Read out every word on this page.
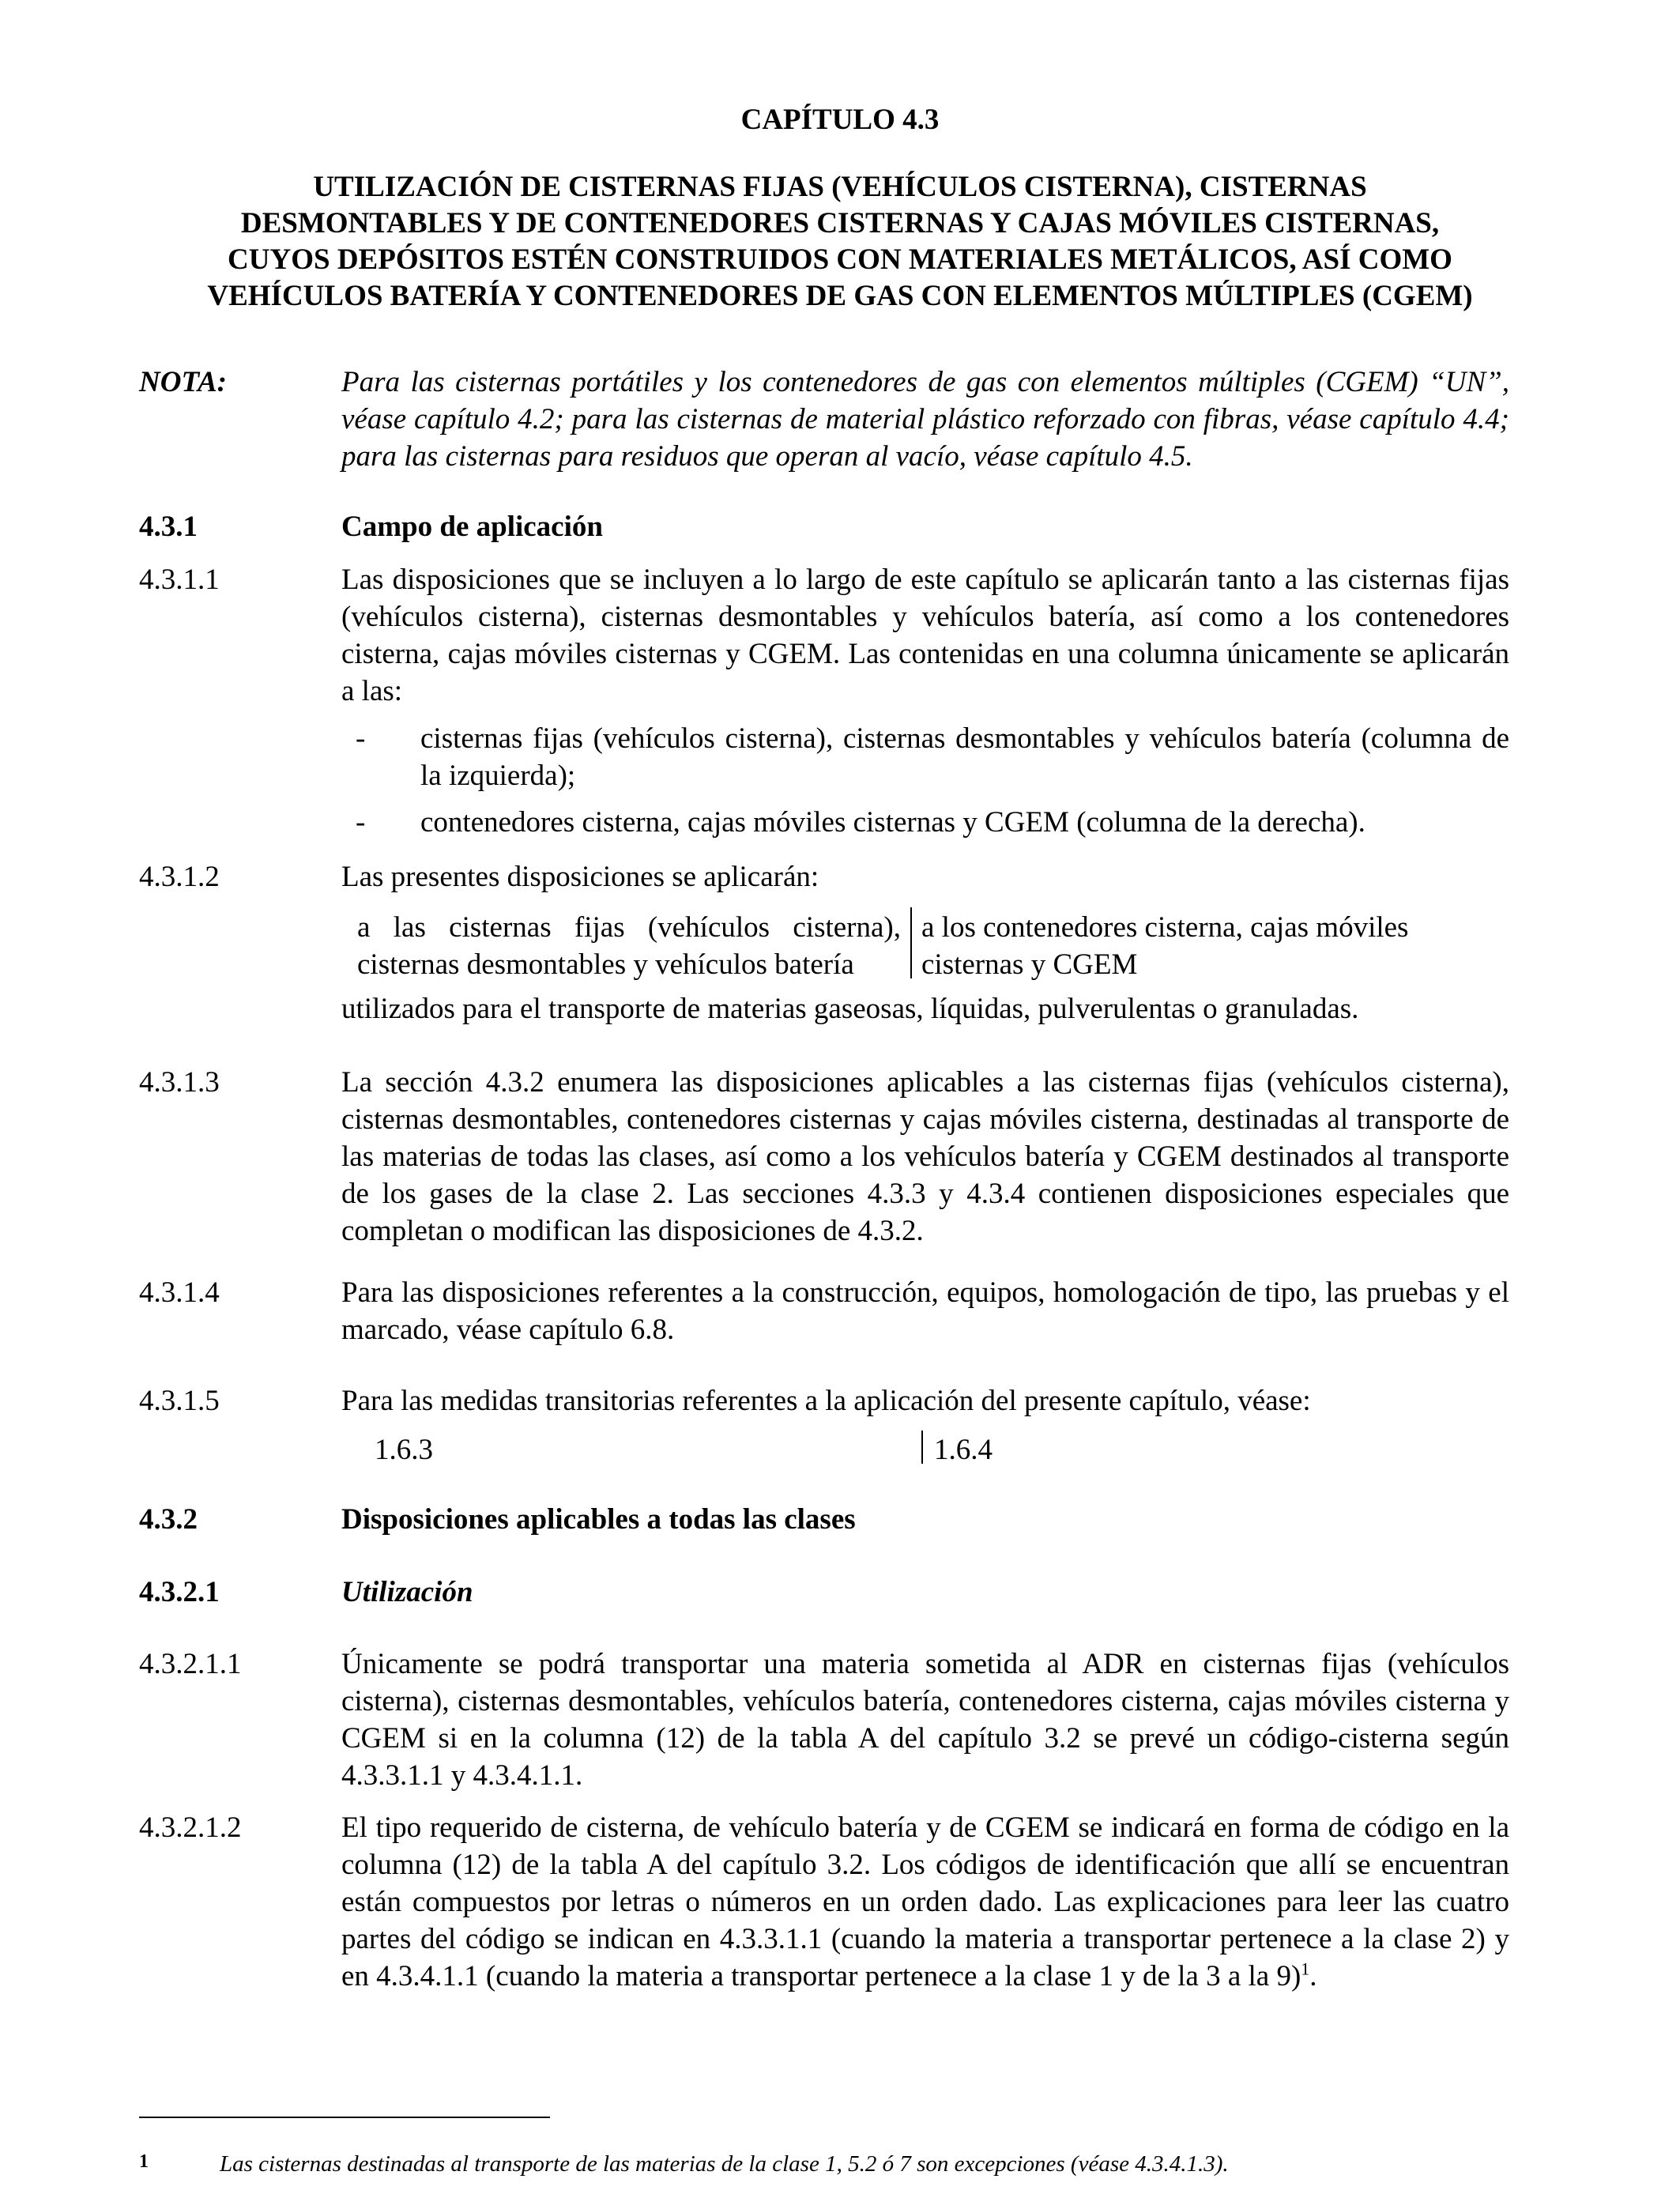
CAPÍTULO 4.3
UTILIZACIÓN DE CISTERNAS FIJAS (VEHÍCULOS CISTERNA), CISTERNAS
DESMONTABLES Y DE CONTENEDORES CISTERNAS Y CAJAS MÓVILES CISTERNAS,
CUYOS DEPÓSITOS ESTÉN CONSTRUIDOS CON MATERIALES METÁLICOS, ASÍ COMO
VEHÍCULOS BATERÍA Y CONTENEDORES DE GAS CON ELEMENTOS MÚLTIPLES (CGEM)
NOTA:	Para las cisternas portátiles y los contenedores de gas con elementos múltiples (CGEM) “UN”, véase capítulo 4.2; para las cisternas de material plástico reforzado con fibras, véase capítulo 4.4; para las cisternas para residuos que operan al vacío, véase capítulo 4.5.
4.3.1	Campo de aplicación
4.3.1.1	Las disposiciones que se incluyen a lo largo de este capítulo se aplicarán tanto a las cisternas fijas (vehículos cisterna), cisternas desmontables y vehículos batería, así como a los contenedores cisterna, cajas móviles cisternas y CGEM. Las contenidas en una columna únicamente se aplicarán a las:
- cisternas fijas (vehículos cisterna), cisternas desmontables y vehículos batería (columna de la izquierda);
- contenedores cisterna, cajas móviles cisternas y CGEM (columna de la derecha).
4.3.1.2	Las presentes disposiciones se aplicarán:
a las cisternas fijas (vehículos cisterna), cisternas desmontables y vehículos batería
a los contenedores cisterna, cajas móviles cisternas y CGEM
utilizados para el transporte de materias gaseosas, líquidas, pulverulentas o granuladas.
4.3.1.3	La sección 4.3.2 enumera las disposiciones aplicables a las cisternas fijas (vehículos cisterna), cisternas desmontables, contenedores cisternas y cajas móviles cisterna, destinadas al transporte de las materias de todas las clases, así como a los vehículos batería y CGEM destinados al transporte de los gases de la clase 2. Las secciones 4.3.3 y 4.3.4 contienen disposiciones especiales que completan o modifican las disposiciones de 4.3.2.
4.3.1.4	Para las disposiciones referentes a la construcción, equipos, homologación de tipo, las pruebas y el marcado, véase capítulo 6.8.
4.3.1.5	Para las medidas transitorias referentes a la aplicación del presente capítulo, véase:
1.6.3	1.6.4
4.3.2	Disposiciones aplicables a todas las clases
4.3.2.1	Utilización
4.3.2.1.1	Únicamente se podrá transportar una materia sometida al ADR en cisternas fijas (vehículos cisterna), cisternas desmontables, vehículos batería, contenedores cisterna, cajas móviles cisterna y CGEM si en la columna (12) de la tabla A del capítulo 3.2 se prevé un código-cisterna según 4.3.3.1.1 y 4.3.4.1.1.
4.3.2.1.2	El tipo requerido de cisterna, de vehículo batería y de CGEM se indicará en forma de código en la columna (12) de la tabla A del capítulo 3.2. Los códigos de identificación que allí se encuentran están compuestos por letras o números en un orden dado. Las explicaciones para leer las cuatro partes del código se indican en 4.3.3.1.1 (cuando la materia a transportar pertenece a la clase 2) y en 4.3.4.1.1 (cuando la materia a transportar pertenece a la clase 1 y de la 3 a la 9)$^1$.
1	Las cisternas destinadas al transporte de las materias de la clase 1, 5.2 ó 7 son excepciones (véase 4.3.4.1.3).
